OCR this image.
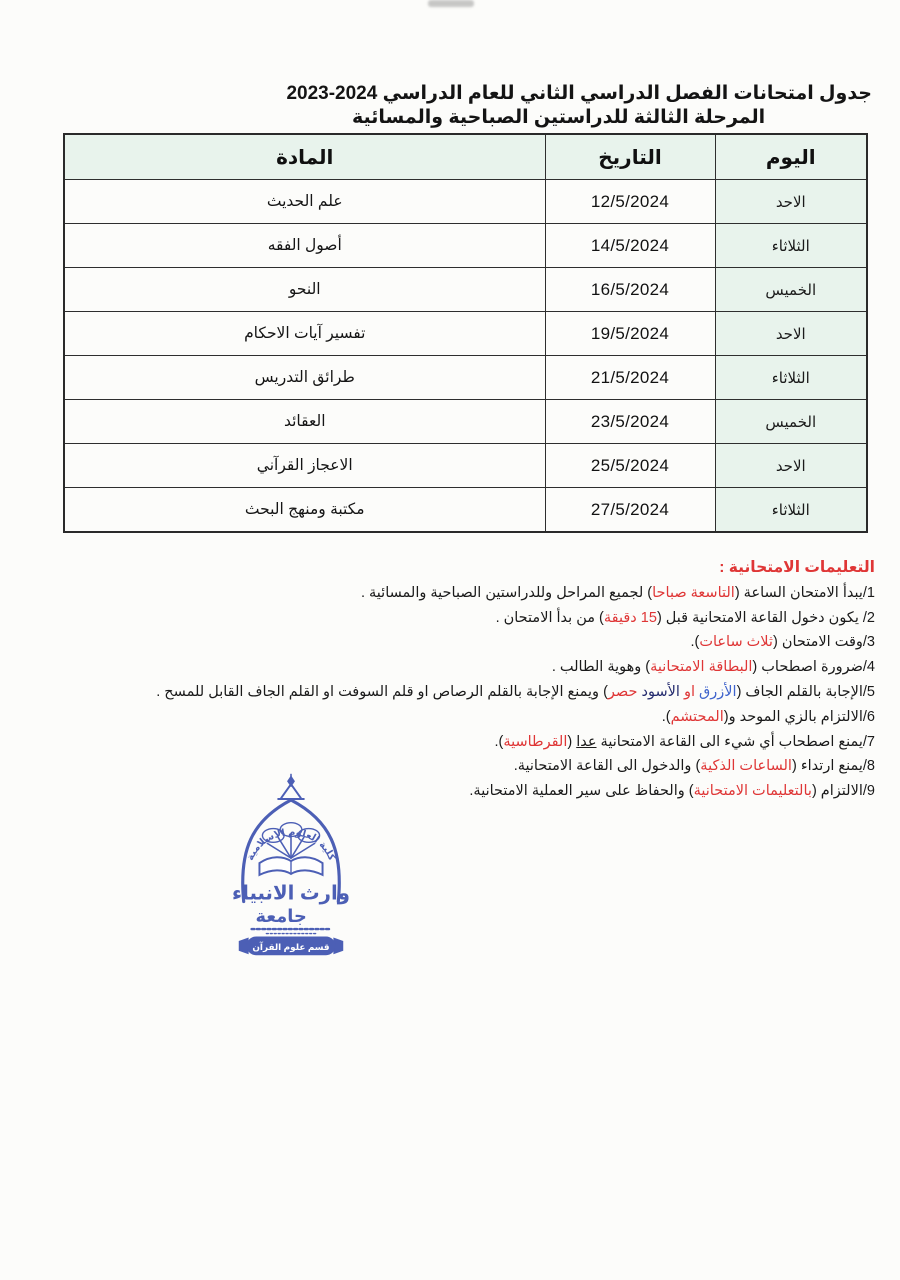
جدول امتحانات الفصل الدراسي الثاني للعام الدراسي 2024-2023
المرحلة الثالثة للدراستين الصباحية والمسائية
اليوم	التاريخ	المادة
الاحد	12/5/2024	علم الحديث
الثلاثاء	14/5/2024	أصول الفقه
الخميس	16/5/2024	النحو
الاحد	19/5/2024	تفسير آيات الاحكام
الثلاثاء	21/5/2024	طرائق التدريس
الخميس	23/5/2024	العقائد
الاحد	25/5/2024	الاعجاز القرآني
الثلاثاء	27/5/2024	مكتبة ومنهج البحث
التعليمات الامتحانية :
1/يبدأ الامتحان الساعة (التاسعة صباحا) لجميع المراحل وللدراستين الصباحية والمسائية .
2/ يكون دخول القاعة الامتحانية قبل (15 دقيقة) من بدأ الامتحان .
3/وقت الامتحان (ثلاث ساعات).
4/ضرورة اصطحاب (البطاقة الامتحانية) وهوية الطالب .
5/الإجابة بالقلم الجاف (الأزرق او الأسود حصر) ويمنع الإجابة بالقلم الرصاص او قلم السوفت او القلم الجاف القابل للمسح .
6/الالتزام بالزي الموحد و(المحتشم).
7/يمنع اصطحاب أي شيء الى القاعة الامتحانية عدا (القرطاسية).
8/يمنع ارتداء (الساعات الذكية) والدخول الى القاعة الامتحانية.
9/الالتزام (بالتعليمات الامتحانية) والحفاظ على سير العملية الامتحانية.
كلية العلوم الاسلامية
وارث الانبياء
جامعة
قسم علوم القرآن
